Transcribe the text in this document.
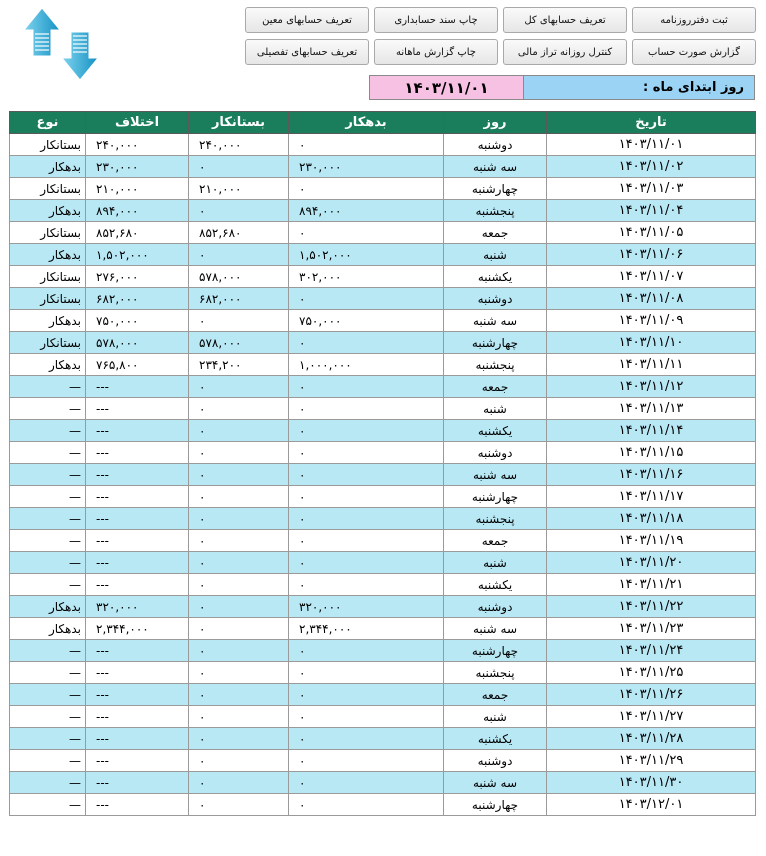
ثبت دفترروزنامه
تعریف حسابهای کل
چاپ سند حسابداری
تعریف حسابهای معین
گزارش صورت حساب
کنترل روزانه تراز مالی
چاپ گزارش ماهانه
تعریف حسابهای تفصیلی
۱۴۰۳/۱۱/۰۱	روز ابتدای ماه :
تاریخ	روز	بدهکار	بستانکار	اختلاف	نوع
۱۴۰۳/۱۱/۰۱	دوشنبه	۰	۲۴۰,۰۰۰	۲۴۰,۰۰۰	بستانکار
۱۴۰۳/۱۱/۰۲	سه شنبه	۲۳۰,۰۰۰	۰	۲۳۰,۰۰۰	بدهکار
۱۴۰۳/۱۱/۰۳	چهارشنبه	۰	۲۱۰,۰۰۰	۲۱۰,۰۰۰	بستانکار
۱۴۰۳/۱۱/۰۴	پنجشنبه	۸۹۴,۰۰۰	۰	۸۹۴,۰۰۰	بدهکار
۱۴۰۳/۱۱/۰۵	جمعه	۰	۸۵۲,۶۸۰	۸۵۲,۶۸۰	بستانکار
۱۴۰۳/۱۱/۰۶	شنبه	۱,۵۰۲,۰۰۰	۰	۱,۵۰۲,۰۰۰	بدهکار
۱۴۰۳/۱۱/۰۷	یکشنبه	۳۰۲,۰۰۰	۵۷۸,۰۰۰	۲۷۶,۰۰۰	بستانکار
۱۴۰۳/۱۱/۰۸	دوشنبه	۰	۶۸۲,۰۰۰	۶۸۲,۰۰۰	بستانکار
۱۴۰۳/۱۱/۰۹	سه شنبه	۷۵۰,۰۰۰	۰	۷۵۰,۰۰۰	بدهکار
۱۴۰۳/۱۱/۱۰	چهارشنبه	۰	۵۷۸,۰۰۰	۵۷۸,۰۰۰	بستانکار
۱۴۰۳/۱۱/۱۱	پنجشنبه	۱,۰۰۰,۰۰۰	۲۳۴,۲۰۰	۷۶۵,۸۰۰	بدهکار
۱۴۰۳/۱۱/۱۲	جمعه	۰	۰	---	—
۱۴۰۳/۱۱/۱۳	شنبه	۰	۰	---	—
۱۴۰۳/۱۱/۱۴	یکشنبه	۰	۰	---	—
۱۴۰۳/۱۱/۱۵	دوشنبه	۰	۰	---	—
۱۴۰۳/۱۱/۱۶	سه شنبه	۰	۰	---	—
۱۴۰۳/۱۱/۱۷	چهارشنبه	۰	۰	---	—
۱۴۰۳/۱۱/۱۸	پنجشنبه	۰	۰	---	—
۱۴۰۳/۱۱/۱۹	جمعه	۰	۰	---	—
۱۴۰۳/۱۱/۲۰	شنبه	۰	۰	---	—
۱۴۰۳/۱۱/۲۱	یکشنبه	۰	۰	---	—
۱۴۰۳/۱۱/۲۲	دوشنبه	۳۲۰,۰۰۰	۰	۳۲۰,۰۰۰	بدهکار
۱۴۰۳/۱۱/۲۳	سه شنبه	۲,۳۴۴,۰۰۰	۰	۲,۳۴۴,۰۰۰	بدهکار
۱۴۰۳/۱۱/۲۴	چهارشنبه	۰	۰	---	—
۱۴۰۳/۱۱/۲۵	پنجشنبه	۰	۰	---	—
۱۴۰۳/۱۱/۲۶	جمعه	۰	۰	---	—
۱۴۰۳/۱۱/۲۷	شنبه	۰	۰	---	—
۱۴۰۳/۱۱/۲۸	یکشنبه	۰	۰	---	—
۱۴۰۳/۱۱/۲۹	دوشنبه	۰	۰	---	—
۱۴۰۳/۱۱/۳۰	سه شنبه	۰	۰	---	—
۱۴۰۳/۱۲/۰۱	چهارشنبه	۰	۰	---	—
